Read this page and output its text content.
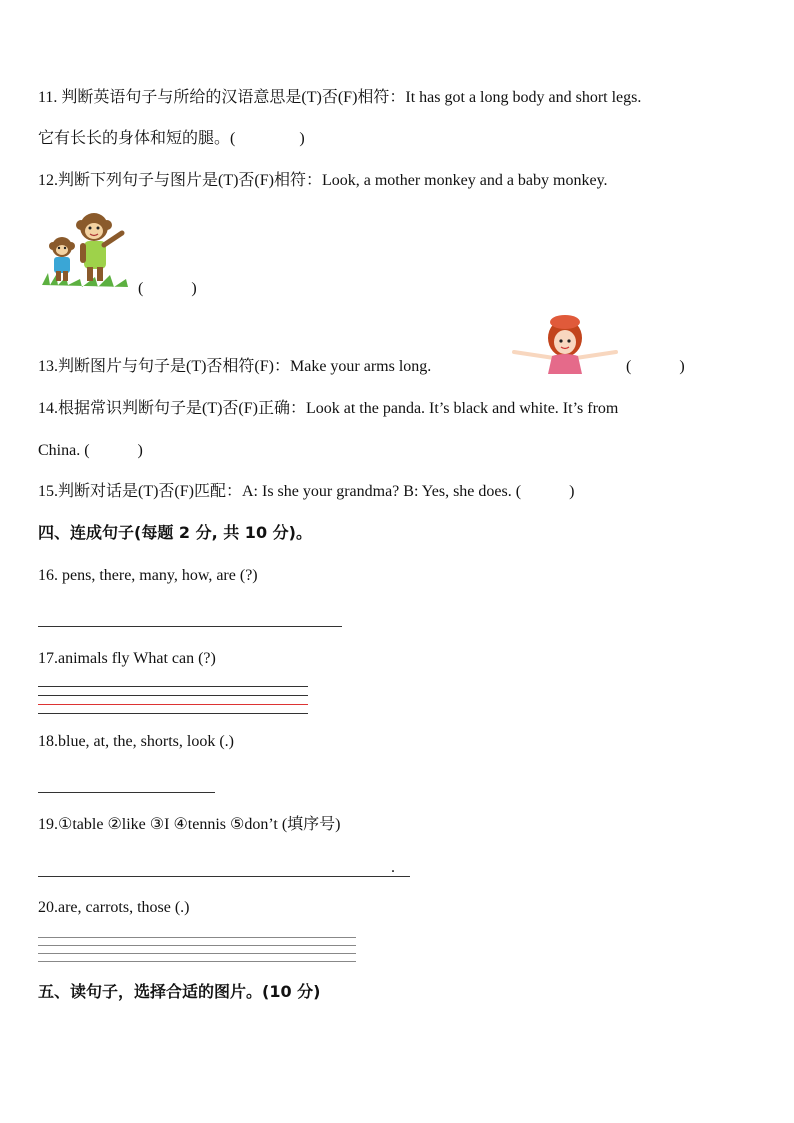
11. 判断英语句子与所给的汉语意思是(T)否(F)相符：It has got a long body and short legs.
它有长长的身体和短的腿。(　　　　)
12.判断下列句子与图片是(T)否(F)相符：Look, a mother monkey and a baby monkey.
(　　　)
13.判断图片与句子是(T)否相符(F)：Make your arms long.	(　　　)
14.根据常识判断句子是(T)否(F)正确：Look at the panda. It’s black and white. It’s from
China. (　　　)
15.判断对话是(T)否(F)匹配：A: Is she your grandma? B: Yes, she does. (　　　)
四、连成句子(每题 2 分, 共 10 分)。
16. pens, there, many, how, are (?)
17.animals fly What can (?)
18.blue, at, the, shorts, look (.)
19.①table ②like ③I ④tennis ⑤don’t (填序号)
.
20.are, carrots, those (.)
五、读句子，选择合适的图片。(10 分)
